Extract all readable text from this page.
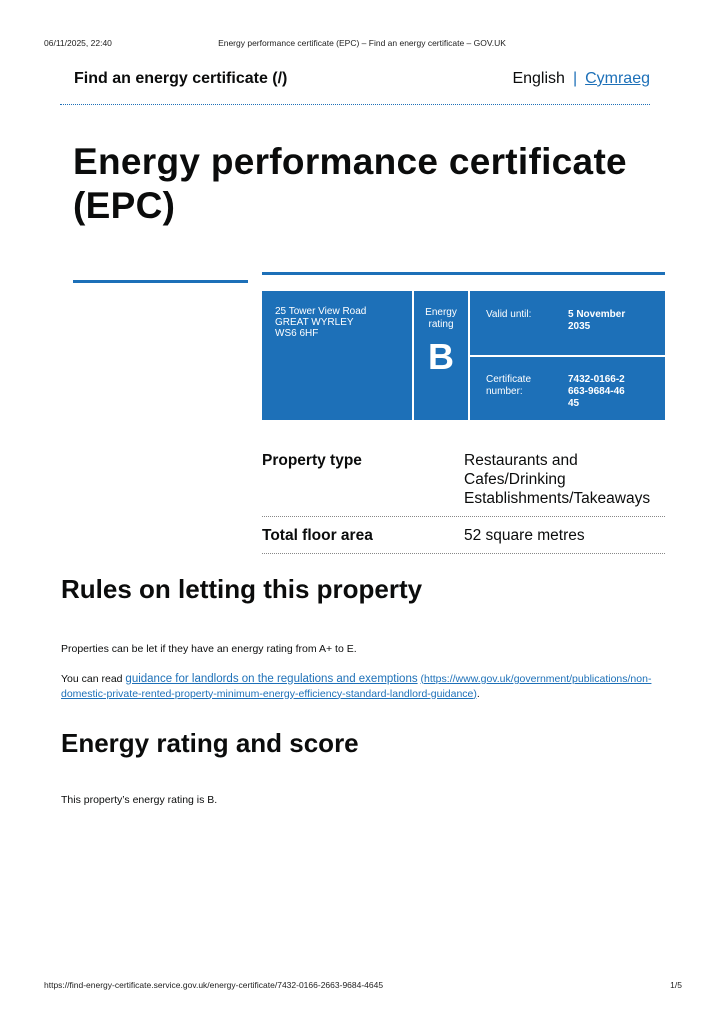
06/11/2025, 22:40	Energy performance certificate (EPC) – Find an energy certificate – GOV.UK
Find an energy certificate (/)	English | Cymraeg
Energy performance certificate (EPC)
25 Tower View Road
GREAT WYRLEY
WS6 6HF
Energy rating
B
Valid until:	5 November 2035
Certificate number:
7432-0166-2663-9684-4645
Property type	Restaurants and Cafes/Drinking Establishments/Takeaways
Total floor area	52 square metres
Rules on letting this property

Properties can be let if they have an energy rating from A+ to E.

You can read guidance for landlords on the regulations and exemptions (https://www.gov.uk/government/publications/non-domestic-private-rented-property-minimum-energy-efficiency-standard-landlord-guidance).

Energy rating and score

This property’s energy rating is B.

https://find-energy-certificate.service.gov.uk/energy-certificate/7432-0166-2663-9684-4645	1/5
